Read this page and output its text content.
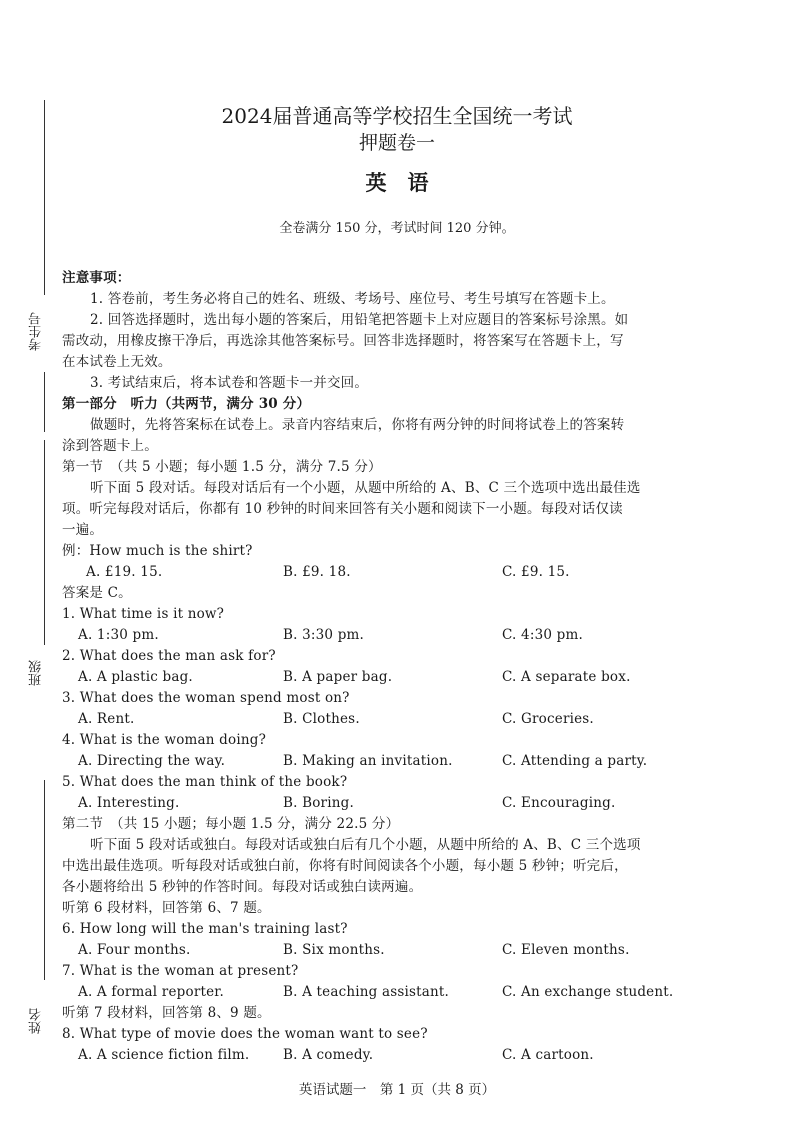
考生号
班级
姓名
2024届普通高等学校招生全国统一考试
押题卷一
英　语
全卷满分 150 分，考试时间 120 分钟。
注意事项：
1. 答卷前，考生务必将自己的姓名、班级、考场号、座位号、考生号填写在答题卡上。
2. 回答选择题时，选出每小题的答案后，用铅笔把答题卡上对应题目的答案标号涂黑。如
需改动，用橡皮擦干净后，再选涂其他答案标号。回答非选择题时，将答案写在答题卡上，写
在本试卷上无效。
3. 考试结束后，将本试卷和答题卡一并交回。
第一部分　听力（共两节，满分 30 分）
做题时，先将答案标在试卷上。录音内容结束后，你将有两分钟的时间将试卷上的答案转
涂到答题卡上。
第一节　（共 5 小题；每小题 1.5 分，满分 7.5 分）
听下面 5 段对话。每段对话后有一个小题，从题中所给的 A、B、C 三个选项中选出最佳选
项。听完每段对话后，你都有 10 秒钟的时间来回答有关小题和阅读下一小题。每段对话仅读
一遍。
例：How much is the shirt?
A. £19. 15.	B. £9. 18.	C. £9. 15.
答案是 C。
1. What time is it now?
A. 1:30 pm.	B. 3:30 pm.	C. 4:30 pm.
2. What does the man ask for?
A. A plastic bag.	B. A paper bag.	C. A separate box.
3. What does the woman spend most on?
A. Rent.	B. Clothes.	C. Groceries.
4. What is the woman doing?
A. Directing the way.	B. Making an invitation.	C. Attending a party.
5. What does the man think of the book?
A. Interesting.	B. Boring.	C. Encouraging.
第二节　（共 15 小题；每小题 1.5 分，满分 22.5 分）
听下面 5 段对话或独白。每段对话或独白后有几个小题，从题中所给的 A、B、C 三个选项
中选出最佳选项。听每段对话或独白前，你将有时间阅读各个小题，每小题 5 秒钟；听完后，
各小题将给出 5 秒钟的作答时间。每段对话或独白读两遍。
听第 6 段材料，回答第 6、7 题。
6. How long will the man's training last?
A. Four months.	B. Six months.	C. Eleven months.
7. What is the woman at present?
A. A formal reporter.	B. A teaching assistant.	C. An exchange student.
听第 7 段材料，回答第 8、9 题。
8. What type of movie does the woman want to see?
A. A science fiction film. B. A comedy.	C. A cartoon.
英语试题一　第 1 页（共 8 页）
